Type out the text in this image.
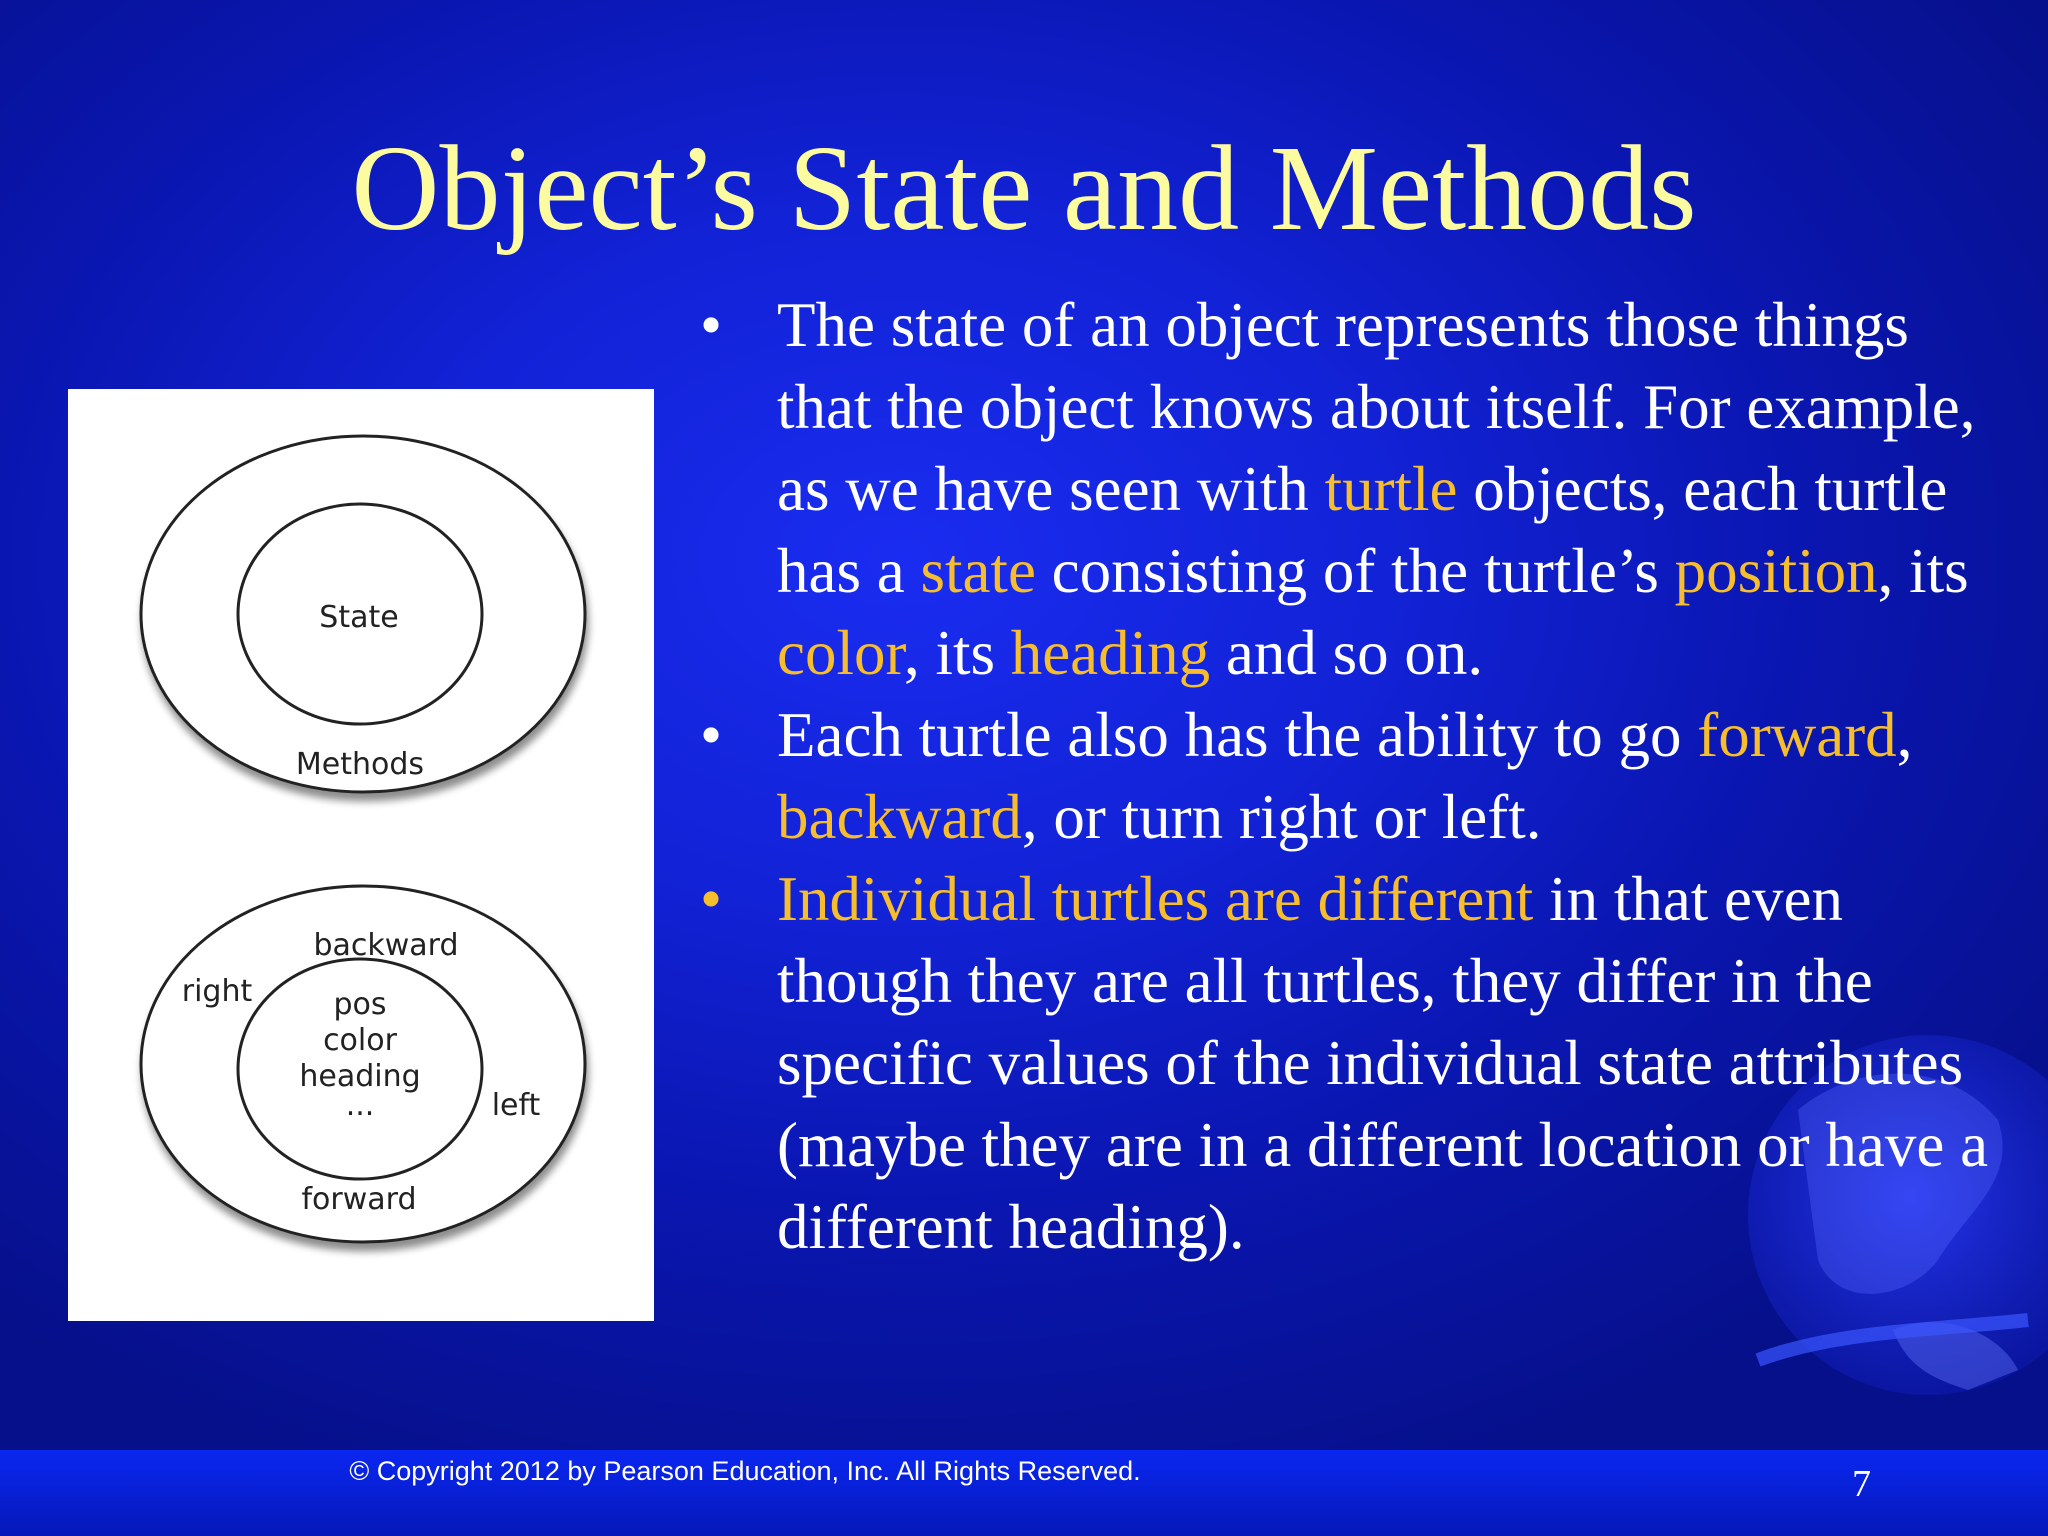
Object’s State and Methods
State
Methods
backward
right
left
forward
pos
color
heading
...
• The state of an object represents those things that the object knows about itself. For example, as we have seen with turtle objects, each turtle has a state consisting of the turtle’s position, its color, its heading and so on.
• Each turtle also has the ability to go forward, backward, or turn right or left.
• Individual turtles are different in that even though they are all turtles, they differ in the specific values of the individual state attributes (maybe they are in a different location or have a different heading).
© Copyright 2012 by Pearson Education, Inc. All Rights Reserved.	7
